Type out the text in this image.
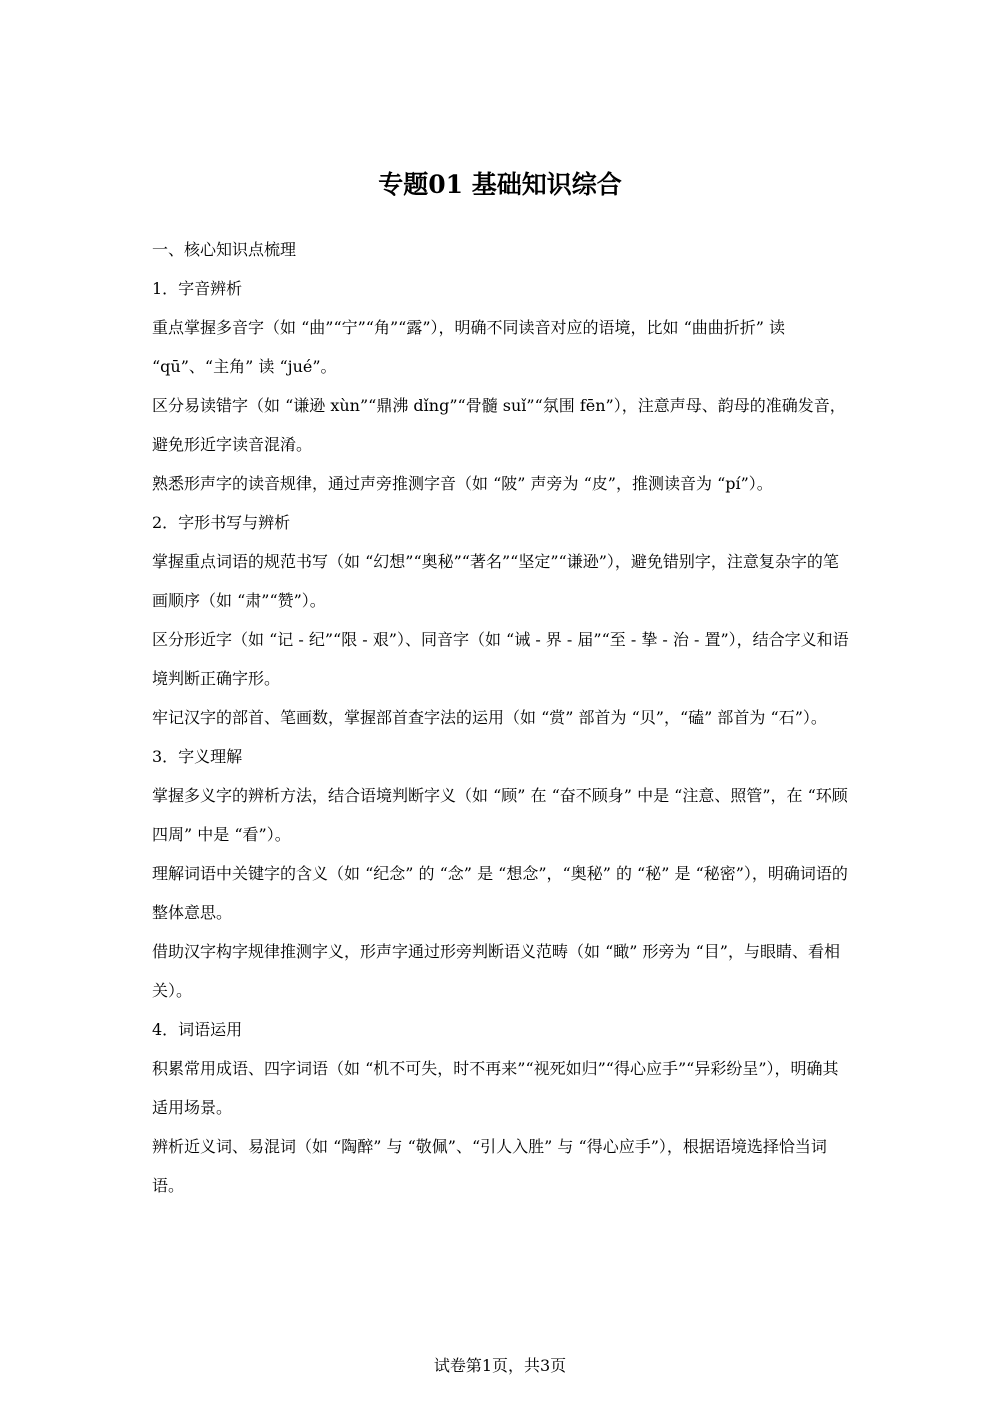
专题01 基础知识综合

一、核心知识点梳理

1．字音辨析

重点掌握多音字（如 “曲”“宁”“角”“露”），明确不同读音对应的语境，比如 “曲曲折折” 读 “qū”、“主角” 读 “jué”。

区分易读错字（如 “谦逊 xùn”“鼎沸 dǐng”“骨髓 suǐ”“氛围 fēn”），注意声母、韵母的准确发音，避免形近字读音混淆。

熟悉形声字的读音规律，通过声旁推测字音（如 “陂” 声旁为 “皮”，推测读音为 “pí”）。

2．字形书写与辨析

掌握重点词语的规范书写（如 “幻想”“奥秘”“著名”“坚定”“谦逊”），避免错别字，注意复杂字的笔画顺序（如 “肃”“赞”）。

区分形近字（如 “记 - 纪”“限 - 艰”）、同音字（如 “诫 - 界 - 届”“至 - 挚 - 治 - 置”），结合字义和语境判断正确字形。

牢记汉字的部首、笔画数，掌握部首查字法的运用（如 “赏” 部首为 “贝”，“磕” 部首为 “石”）。

3．字义理解

掌握多义字的辨析方法，结合语境判断字义（如 “顾” 在 “奋不顾身” 中是 “注意、照管”，在 “环顾四周” 中是 “看”）。

理解词语中关键字的含义（如 “纪念” 的 “念” 是 “想念”，“奥秘” 的 “秘” 是 “秘密”），明确词语的整体意思。

借助汉字构字规律推测字义，形声字通过形旁判断语义范畴（如 “瞰” 形旁为 “目”，与眼睛、看相关）。

4．词语运用

积累常用成语、四字词语（如 “机不可失，时不再来”“视死如归”“得心应手”“异彩纷呈”），明确其适用场景。

辨析近义词、易混词（如 “陶醉” 与 “敬佩”、“引人入胜” 与 “得心应手”），根据语境选择恰当词语。

试卷第1页，共3页
